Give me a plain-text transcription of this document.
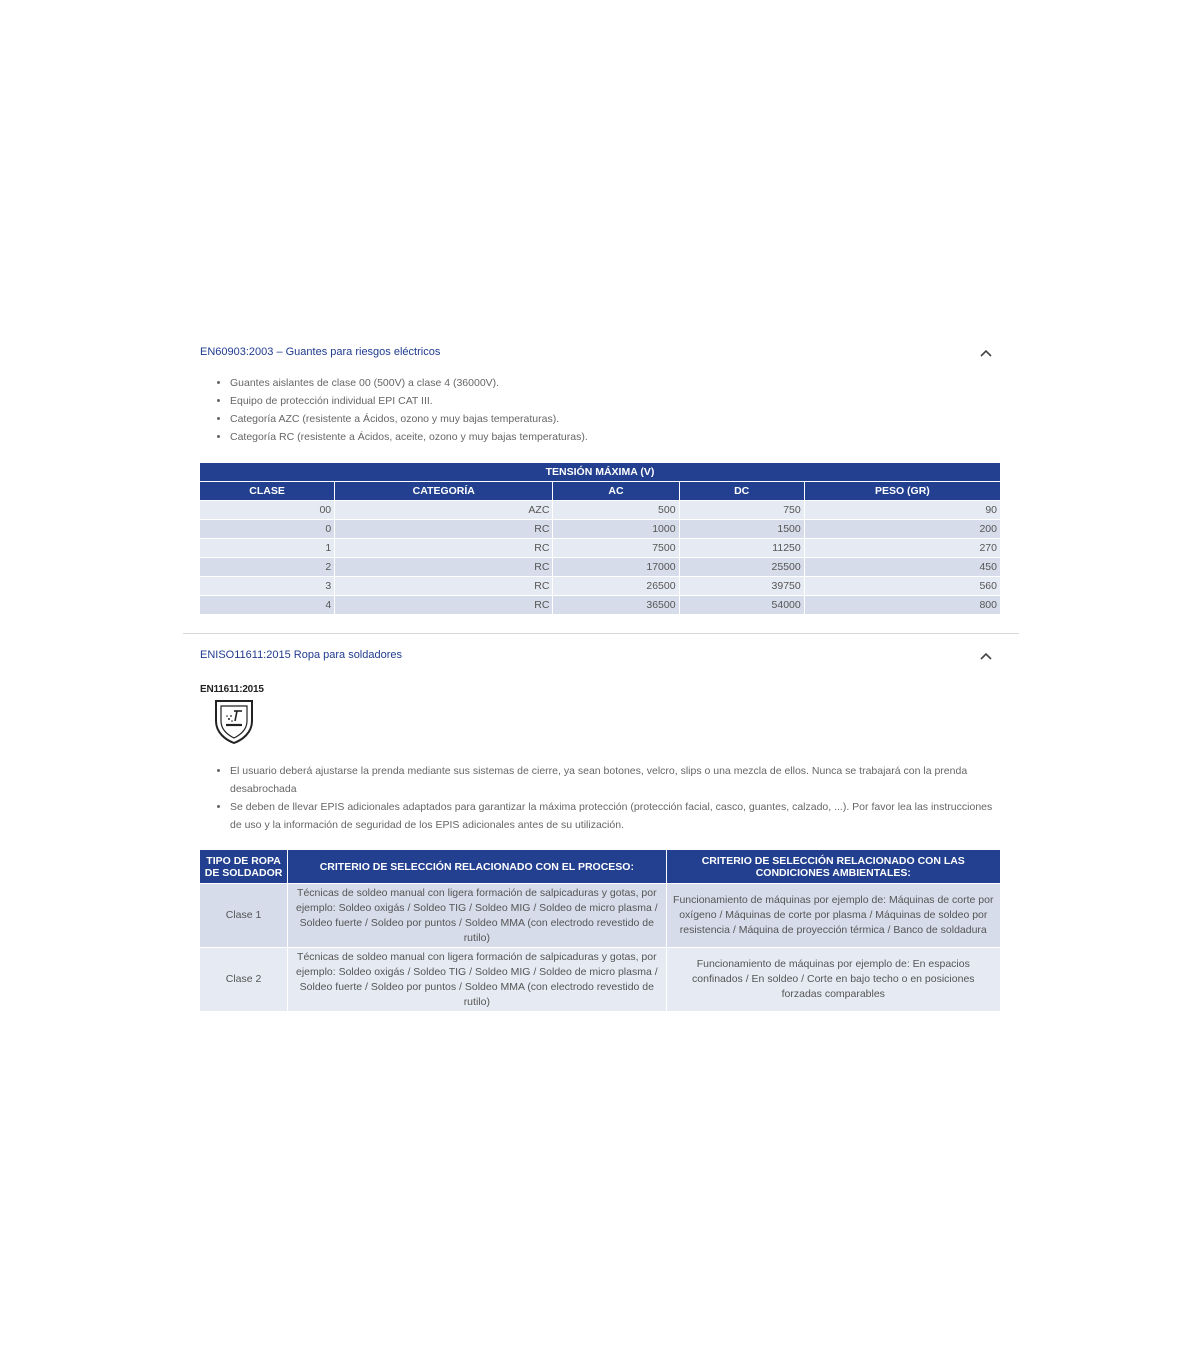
EN60903:2003 – Guantes para riesgos eléctricos
• Guantes aislantes de clase 00 (500V) a clase 4 (36000V).
• Equipo de protección individual EPI CAT III.
• Categoría AZC (resistente a Ácidos, ozono y muy bajas temperaturas).
• Categoría RC (resistente a Ácidos, aceite, ozono y muy bajas temperaturas).
TENSIÓN MÁXIMA (V)				
CLASE	CATEGORÍA	AC	DC	PESO (GR)
00	AZC	500	750	90
0	RC	1000	1500	200
1	RC	7500	11250	270
2	RC	17000	25500	450
3	RC	26500	39750	560
4	RC	36500	54000	800
ENISO11611:2015 Ropa para soldadores
EN11611:2015
• El usuario deberá ajustarse la prenda mediante sus sistemas de cierre, ya sean botones, velcro, slips o una mezcla de ellos. Nunca se trabajará con la prenda desabrochada
• Se deben de llevar EPIS adicionales adaptados para garantizar la máxima protección (protección facial, casco, guantes, calzado, ...). Por favor lea las instrucciones de uso y la información de seguridad de los EPIS adicionales antes de su utilización.
TIPO DE ROPA DE SOLDADOR	CRITERIO DE SELECCIÓN RELACIONADO CON EL PROCESO:	CRITERIO DE SELECCIÓN RELACIONADO CON LAS CONDICIONES AMBIENTALES:
Clase 1	Técnicas de soldeo manual con ligera formación de salpicaduras y gotas, por ejemplo: Soldeo oxigás / Soldeo TIG / Soldeo MIG / Soldeo de micro plasma / Soldeo fuerte / Soldeo por puntos / Soldeo MMA (con electrodo revestido de rutilo)	Funcionamiento de máquinas por ejemplo de: Máquinas de corte por oxígeno / Máquinas de corte por plasma / Máquinas de soldeo por resistencia / Máquina de proyección térmica / Banco de soldadura
Clase 2	Técnicas de soldeo manual con ligera formación de salpicaduras y gotas, por ejemplo: Soldeo oxigás / Soldeo TIG / Soldeo MIG / Soldeo de micro plasma / Soldeo fuerte / Soldeo por puntos / Soldeo MMA (con electrodo revestido de rutilo)	Funcionamiento de máquinas por ejemplo de: En espacios confinados / En soldeo / Corte en bajo techo o en posiciones forzadas comparables
